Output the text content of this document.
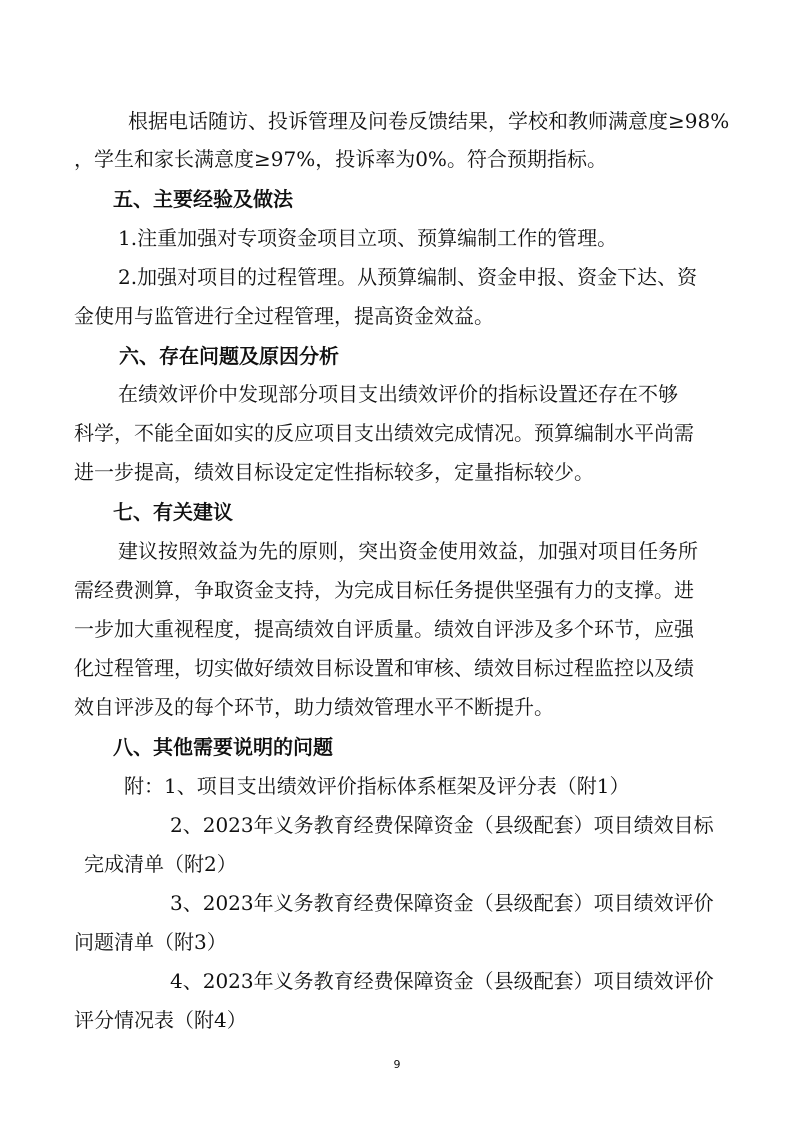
根据电话随访、投诉管理及问卷反馈结果，学校和教师满意度≥98%
，学生和家长满意度≥97%，投诉率为0%。符合预期指标。
五、主要经验及做法
1.注重加强对专项资金项目立项、预算编制工作的管理。
2.加强对项目的过程管理。从预算编制、资金申报、资金下达、资
金使用与监管进行全过程管理，提高资金效益。
六、存在问题及原因分析
在绩效评价中发现部分项目支出绩效评价的指标设置还存在不够
科学，不能全面如实的反应项目支出绩效完成情况。预算编制水平尚需
进一步提高，绩效目标设定定性指标较多，定量指标较少。
七、有关建议
建议按照效益为先的原则，突出资金使用效益，加强对项目任务所
需经费测算，争取资金支持，为完成目标任务提供坚强有力的支撑。进
一步加大重视程度，提高绩效自评质量。绩效自评涉及多个环节，应强
化过程管理，切实做好绩效目标设置和审核、绩效目标过程监控以及绩
效自评涉及的每个环节，助力绩效管理水平不断提升。
八、其他需要说明的问题
附：1、项目支出绩效评价指标体系框架及评分表（附1）
2、2023年义务教育经费保障资金（县级配套）项目绩效目标
完成清单（附2）
3、2023年义务教育经费保障资金（县级配套）项目绩效评价
问题清单（附3）
4、2023年义务教育经费保障资金（县级配套）项目绩效评价
评分情况表（附4）
9
